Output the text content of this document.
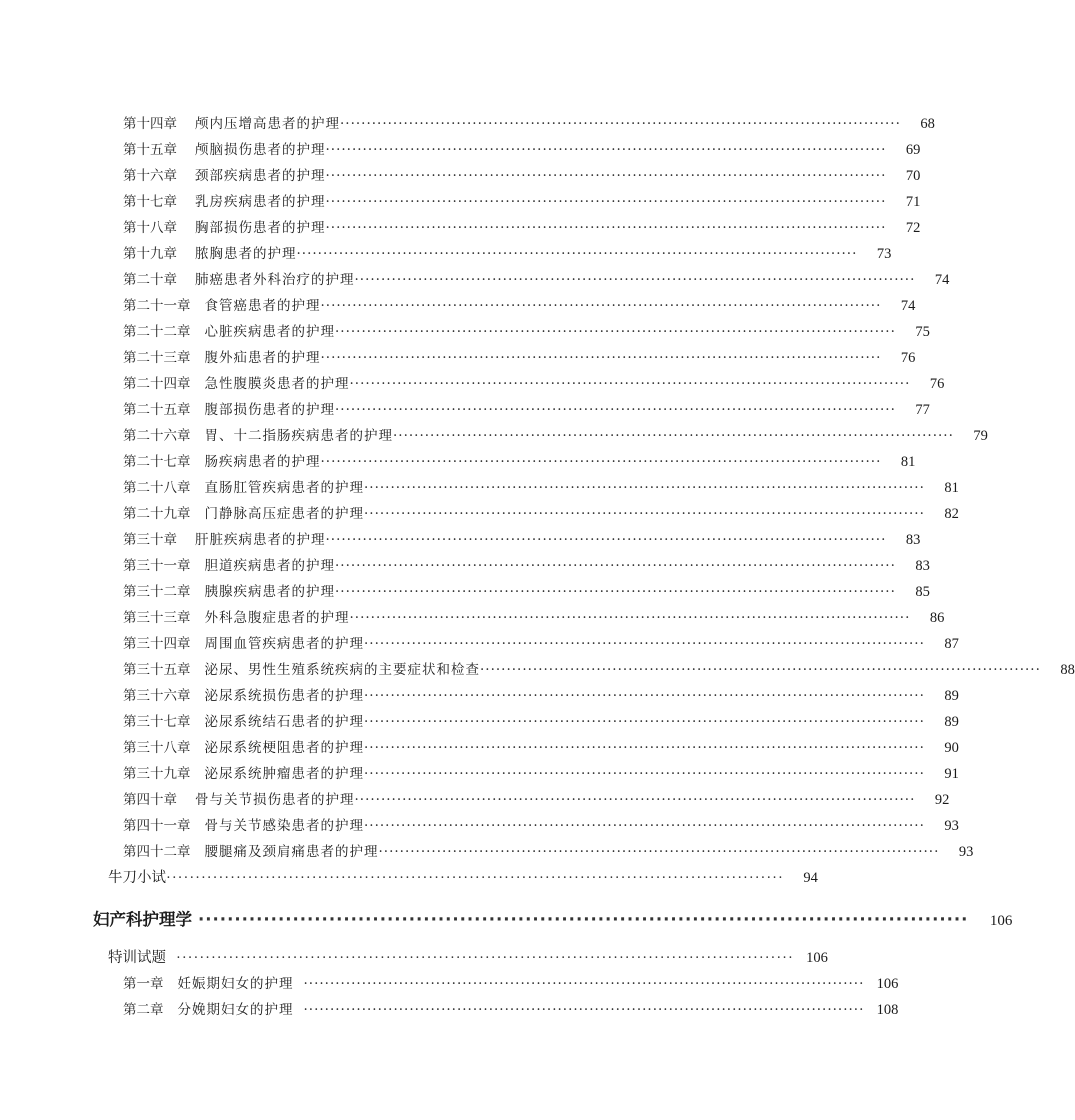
第十四章 颅内压增高患者的护理 ··········································································································	68
第十五章 颅脑损伤患者的护理 ··········································································································	69
第十六章 颈部疾病患者的护理 ··········································································································	70
第十七章 乳房疾病患者的护理 ··········································································································	71
第十八章 胸部损伤患者的护理 ··········································································································	72
第十九章 脓胸患者的护理 ··········································································································	73
第二十章 肺癌患者外科治疗的护理 ··········································································································	74
第二十一章 食管癌患者的护理 ··········································································································	74
第二十二章 心脏疾病患者的护理 ··········································································································	75
第二十三章 腹外疝患者的护理 ··········································································································	76
第二十四章 急性腹膜炎患者的护理 ··········································································································	76
第二十五章 腹部损伤患者的护理 ··········································································································	77
第二十六章 胃、十二指肠疾病患者的护理 ··········································································································	79
第二十七章 肠疾病患者的护理 ··········································································································	81
第二十八章 直肠肛管疾病患者的护理 ··········································································································	81
第二十九章 门静脉高压症患者的护理 ··········································································································	82
第三十章 肝脏疾病患者的护理 ··········································································································	83
第三十一章 胆道疾病患者的护理 ··········································································································	83
第三十二章 胰腺疾病患者的护理 ··········································································································	85
第三十三章 外科急腹症患者的护理 ··········································································································	86
第三十四章 周围血管疾病患者的护理 ··········································································································	87
第三十五章 泌尿、男性生殖系统疾病的主要症状和检查 ··········································································································	88
第三十六章 泌尿系统损伤患者的护理 ··········································································································	89
第三十七章 泌尿系统结石患者的护理 ··········································································································	89
第三十八章 泌尿系统梗阻患者的护理 ··········································································································	90
第三十九章 泌尿系统肿瘤患者的护理 ··········································································································	91
第四十章 骨与关节损伤患者的护理 ··········································································································	92
第四十一章 骨与关节感染患者的护理 ··········································································································	93
第四十二章 腰腿痛及颈肩痛患者的护理 ··········································································································	93
牛刀小试 ··········································································································	94
妇产科护理学 ··········································································································	106
特训试题 ·········································································································· 106
第一章 妊娠期妇女的护理 ·········································································································· 106
第二章 分娩期妇女的护理 ·········································································································· 108
